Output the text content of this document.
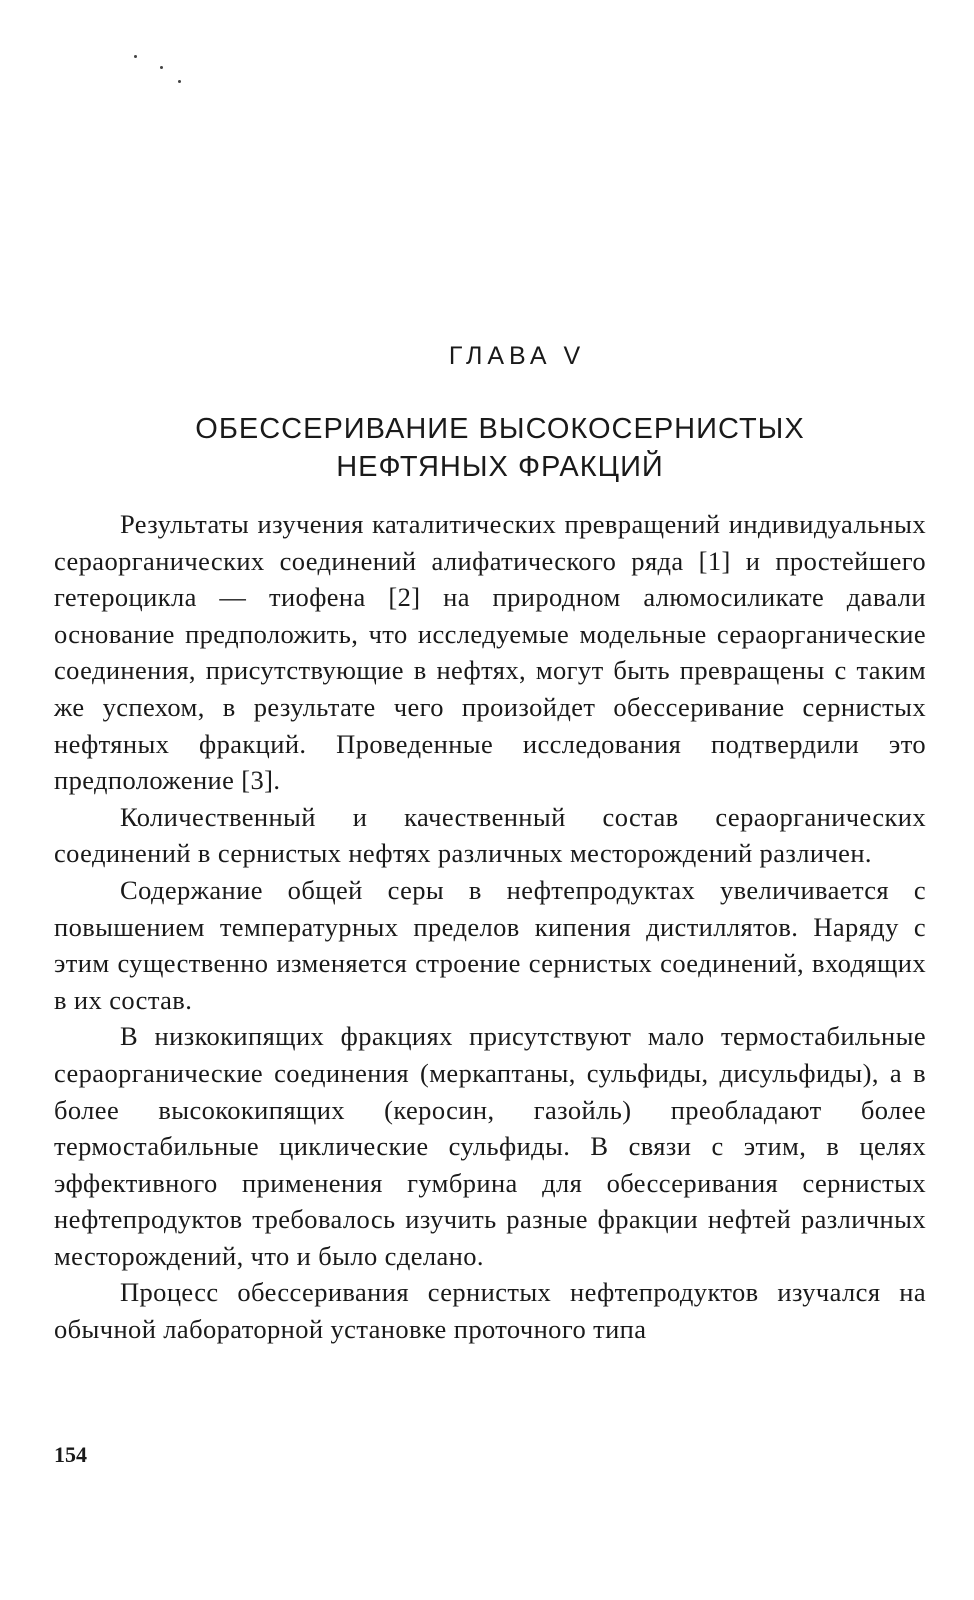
ГЛАВА V
ОБЕССЕРИВАНИЕ ВЫСОКОСЕРНИСТЫХ
НЕФТЯНЫХ ФРАКЦИЙ

Результаты изучения каталитических превращений индивидуальных сераорганических соединений алифатического ряда [1] и простейшего гетероцикла — тиофена [2] на природном алюмосиликате давали основание предположить, что исследуемые модельные сераорганические соединения, присутствующие в нефтях, могут быть превращены с таким же успехом, в результате чего произойдет обессеривание сернистых нефтяных фракций. Проведенные исследования подтвердили это предположение [3].

Количественный и качественный состав сераорганических соединений в сернистых нефтях различных месторождений различен.

Содержание общей серы в нефтепродуктах увеличивается с повышением температурных пределов кипения дистиллятов. Наряду с этим существенно изменяется строение сернистых соединений, входящих в их состав.

В низкокипящих фракциях присутствуют мало термостабильные сераорганические соединения (меркаптаны, сульфиды, дисульфиды), а в более высококипящих (керосин, газойль) преобладают более термостабильные циклические сульфиды. В связи с этим, в целях эффективного применения гумбрина для обессеривания сернистых нефтепродуктов требовалось изучить разные фракции нефтей различных месторождений, что и было сделано.

Процесс обессеривания сернистых нефтепродуктов изучался на обычной лабораторной установке проточного типа

154
